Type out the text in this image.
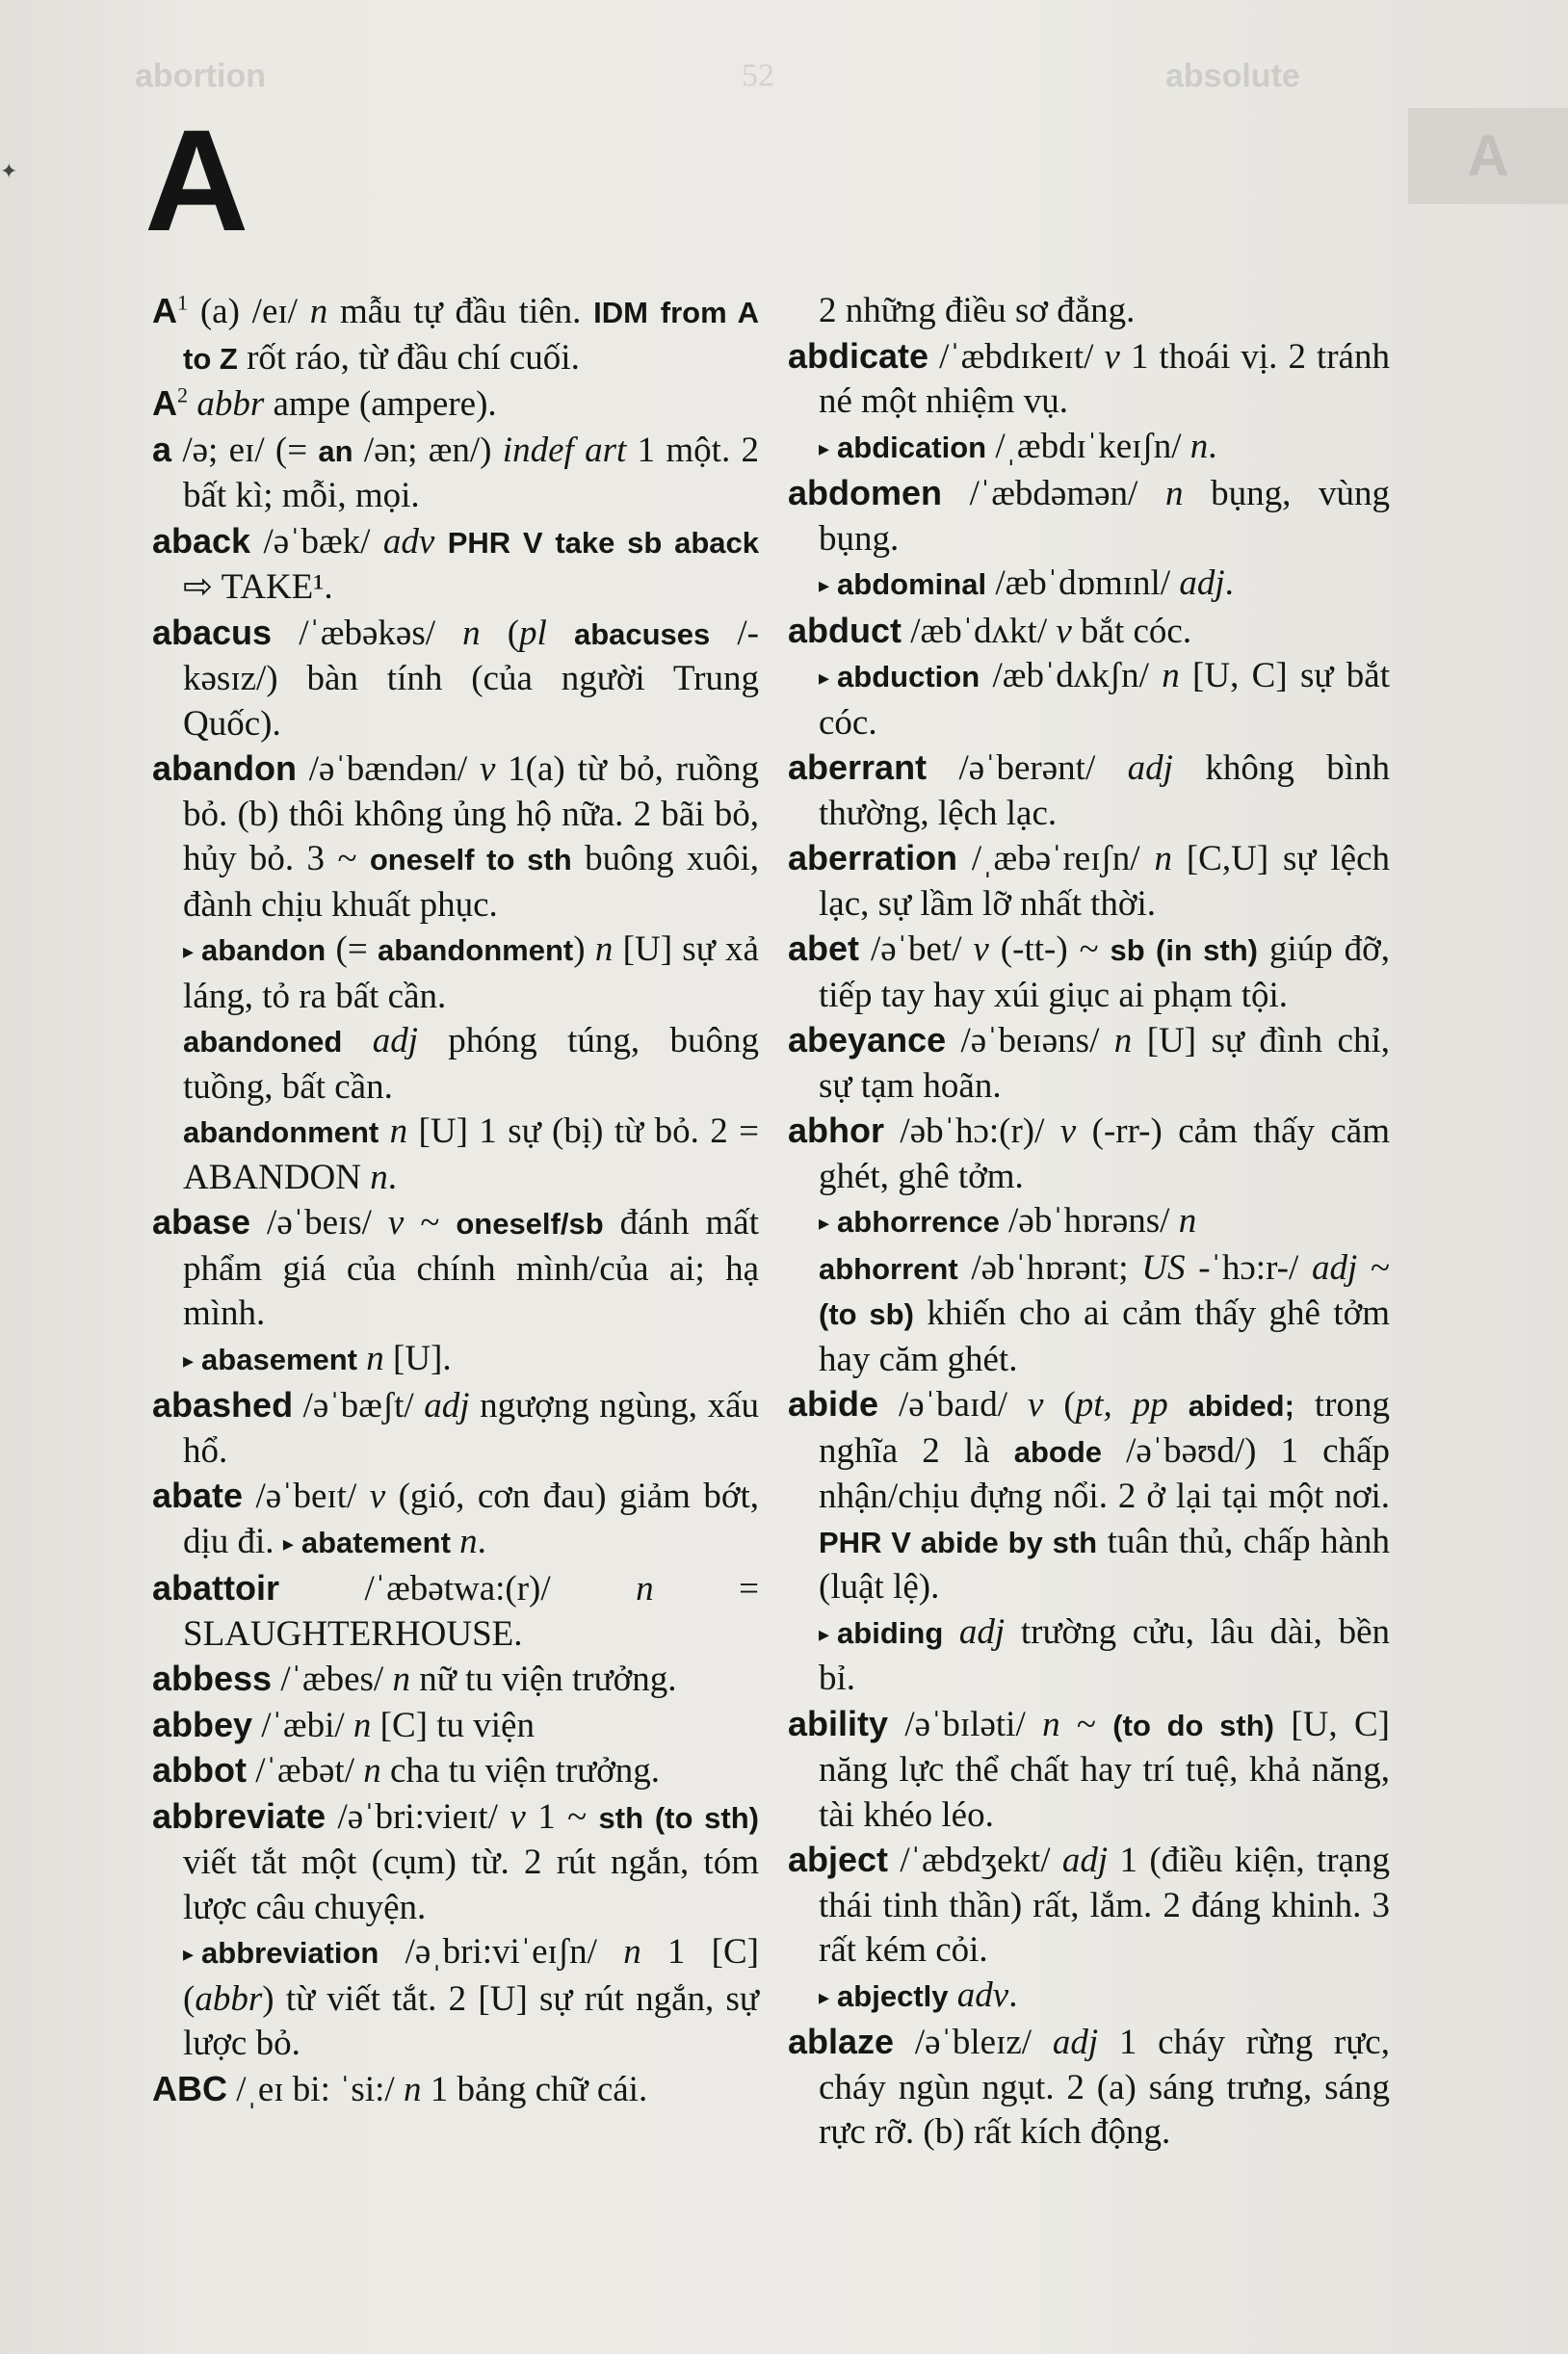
abortion	52	absolute
A
✦ A

$A^1$ (a) /eɪ/ n mẫu tự đầu tiên. IDM from A to Z rốt ráo, từ đầu chí cuối.

$A^2$ abbr ampe (ampere).

a /ə; eɪ/ (= an /ən; æn/) indef art 1 một. 2 bất kì; mỗi, mọi.

aback /əˈbæk/ adv PHR V take sb aback ⇨ TAKE¹.

abacus /ˈæbəkəs/ n (pl abacuses /-kəsɪz/) bàn tính (của người Trung Quốc).

abandon /əˈbændən/ v 1(a) từ bỏ, ruồng bỏ. (b) thôi không ủng hộ nữa. 2 bãi bỏ, hủy bỏ. 3 ~ oneself to sth buông xuôi, đành chịu khuất phục.

▸ abandon (= abandonment) n [U] sự xả láng, tỏ ra bất cần.

abandoned adj phóng túng, buông tuồng, bất cần.

abandonment n [U] 1 sự (bị) từ bỏ. 2 = ABANDON n.

abase /əˈbeɪs/ v ~ oneself/sb đánh mất phẩm giá của chính mình/của ai; hạ mình.

▸ abasement n [U].

abashed /əˈbæʃt/ adj ngượng ngùng, xấu hổ.

abate /əˈbeɪt/ v (gió, cơn đau) giảm bớt, dịu đi. ▸ abatement n.

abattoir /ˈæbətwa:(r)/ n = SLAUGHTERHOUSE.

abbess /ˈæbes/ n nữ tu viện trưởng.

abbey /ˈæbi/ n [C] tu viện

abbot /ˈæbət/ n cha tu viện trưởng.

abbreviate /əˈbri:vieɪt/ v 1 ~ sth (to sth) viết tắt một (cụm) từ. 2 rút ngắn, tóm lược câu chuyện.

▸ abbreviation /əˌbri:viˈeɪʃn/ n 1 [C] (abbr) từ viết tắt. 2 [U] sự rút ngắn, sự lược bỏ.

ABC /ˌeɪ bi: ˈsi:/ n 1 bảng chữ cái.

2 những điều sơ đẳng.

abdicate /ˈæbdɪkeɪt/ v 1 thoái vị. 2 tránh né một nhiệm vụ.

▸ abdication /ˌæbdɪˈkeɪʃn/ n.

abdomen /ˈæbdəmən/ n bụng, vùng bụng.

▸ abdominal /æbˈdɒmɪnl/ adj.

abduct /æbˈdʌkt/ v bắt cóc.

▸ abduction /æbˈdʌkʃn/ n [U, C] sự bắt cóc.

aberrant /əˈberənt/ adj không bình thường, lệch lạc.

aberration /ˌæbəˈreɪʃn/ n [C,U] sự lệch lạc, sự lầm lỡ nhất thời.

abet /əˈbet/ v (-tt-) ~ sb (in sth) giúp đỡ, tiếp tay hay xúi giục ai phạm tội.

abeyance /əˈbeɪəns/ n [U] sự đình chỉ, sự tạm hoãn.

abhor /əbˈhɔ:(r)/ v (-rr-) cảm thấy căm ghét, ghê tởm.

▸ abhorrence /əbˈhɒrəns/ n

abhorrent /əbˈhɒrənt; US -ˈhɔ:r-/ adj ~ (to sb) khiến cho ai cảm thấy ghê tởm hay căm ghét.

abide /əˈbaɪd/ v (pt, pp abided; trong nghĩa 2 là abode /əˈbəʊd/) 1 chấp nhận/chịu đựng nổi. 2 ở lại tại một nơi. PHR V abide by sth tuân thủ, chấp hành (luật lệ).

▸ abiding adj trường cửu, lâu dài, bền bỉ.

ability /əˈbɪləti/ n ~ (to do sth) [U, C] năng lực thể chất hay trí tuệ, khả năng, tài khéo léo.

abject /ˈæbdʒekt/ adj 1 (điều kiện, trạng thái tinh thần) rất, lắm. 2 đáng khinh. 3 rất kém cỏi.

▸ abjectly adv.

ablaze /əˈbleɪz/ adj 1 cháy rừng rực, cháy ngùn ngụt. 2 (a) sáng trưng, sáng rực rỡ. (b) rất kích động.
